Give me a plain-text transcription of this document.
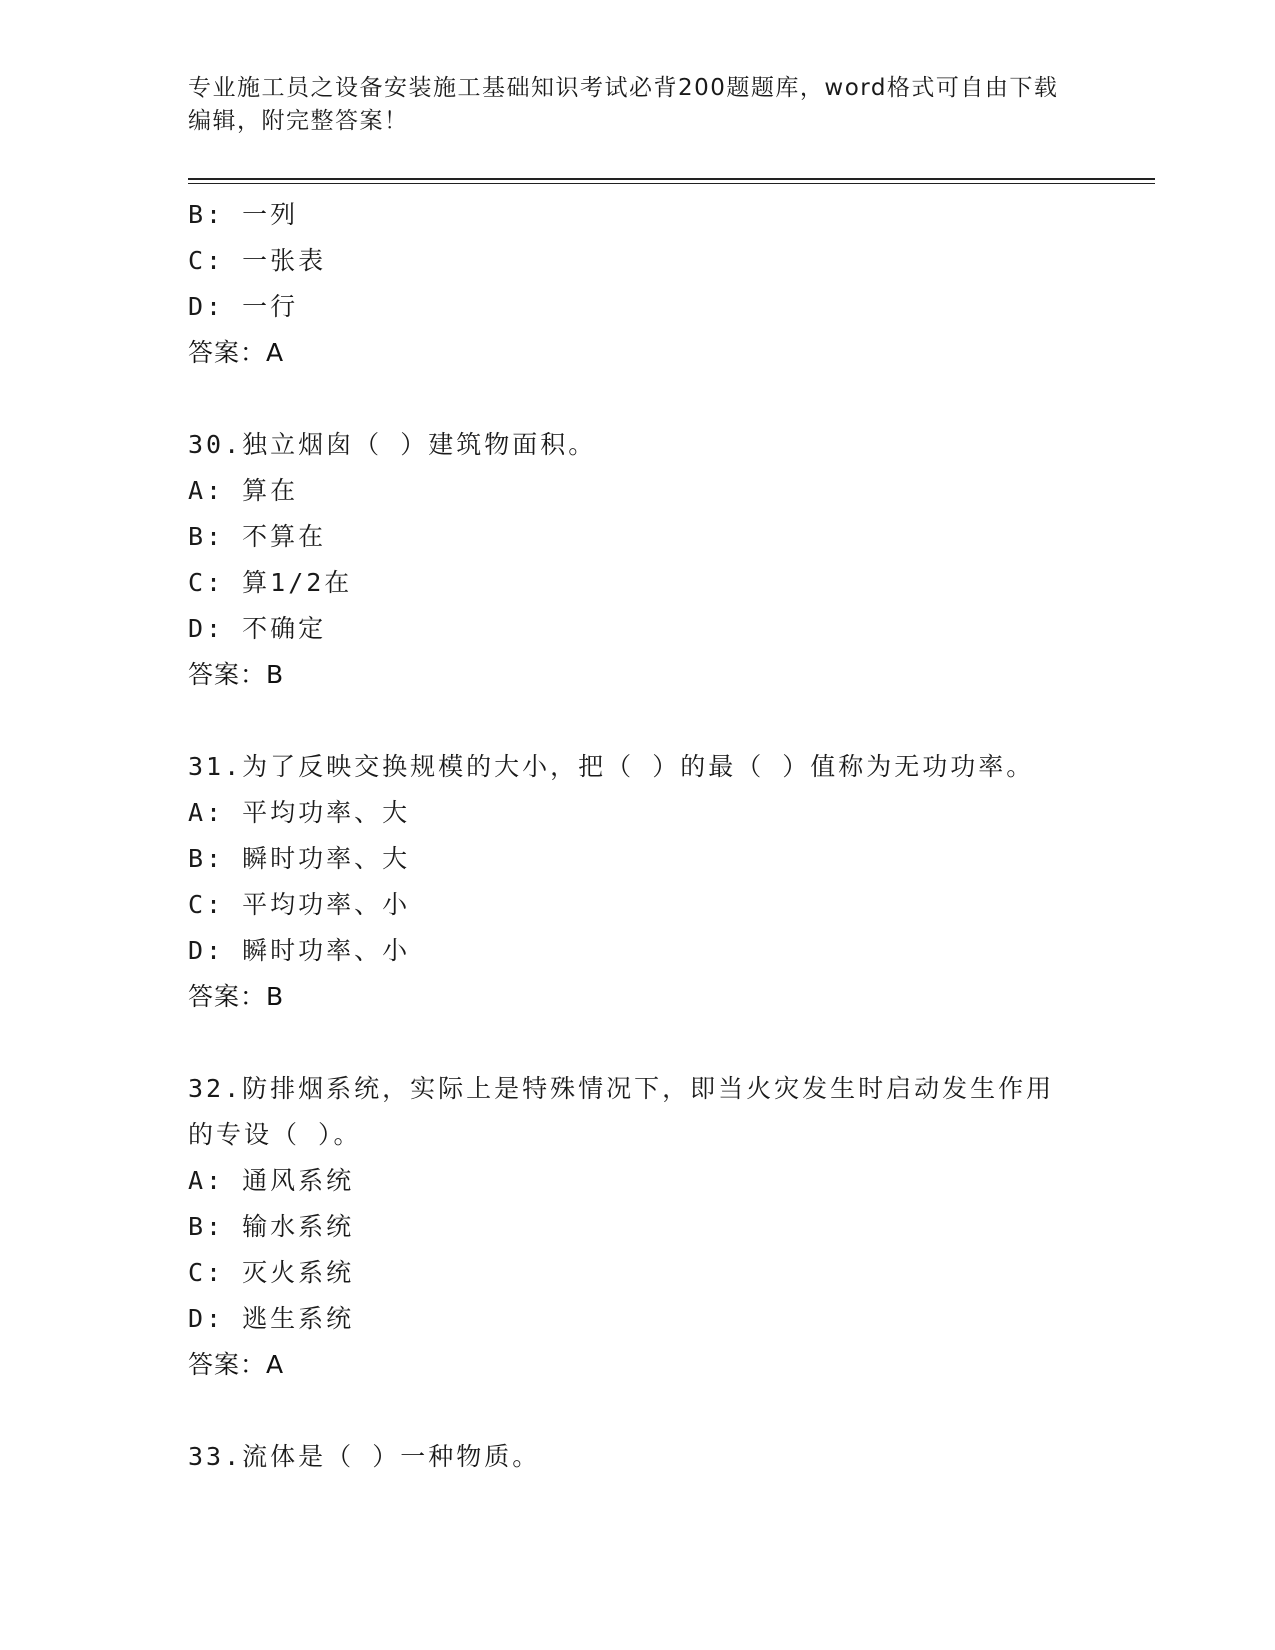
专业施工员之设备安装施工基础知识考试必背200题题库，word格式可自由下载
编辑，附完整答案！
B: 一列
C: 一张表
D: 一行
答案：A
30.独立烟囱（ ）建筑物面积。
A: 算在
B: 不算在
C: 算1/2在
D: 不确定
答案：B
31.为了反映交换规模的大小，把（ ）的最（ ）值称为无功功率。
A: 平均功率、大
B: 瞬时功率、大
C: 平均功率、小
D: 瞬时功率、小
答案：B
32.防排烟系统，实际上是特殊情况下，即当火灾发生时启动发生作用
的专设（ ）。
A: 通风系统
B: 输水系统
C: 灭火系统
D: 逃生系统
答案：A
33.流体是（ ）一种物质。
